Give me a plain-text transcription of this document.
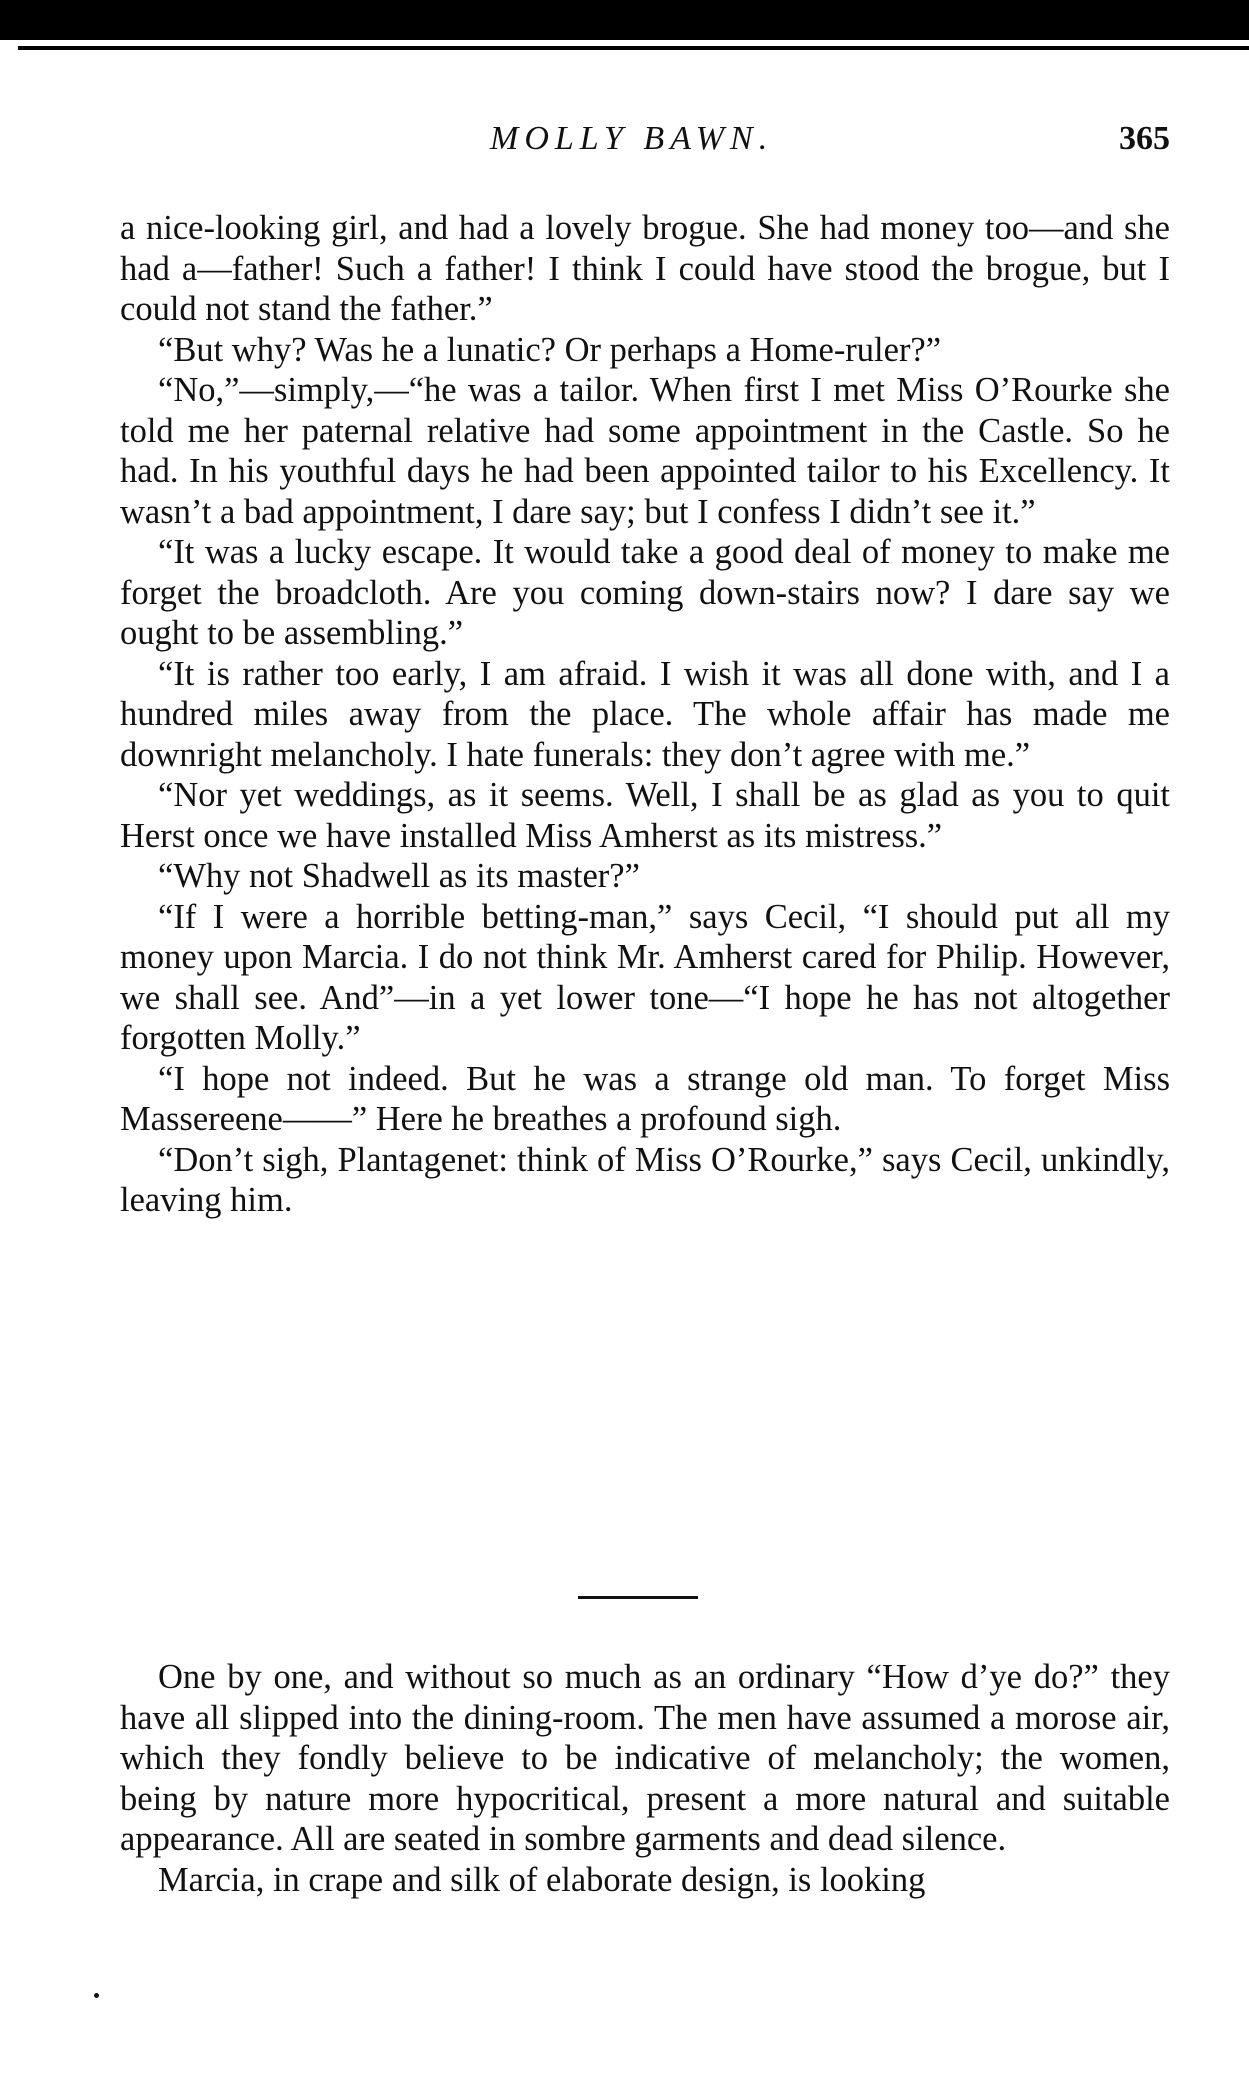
MOLLY BAWN.	365

a nice-looking girl, and had a lovely brogue. She had money too—and she had a—father! Such a father! I think I could have stood the brogue, but I could not stand the father.”

“But why? Was he a lunatic? Or perhaps a Home-ruler?”

“No,”—simply,—“he was a tailor. When first I met Miss O’Rourke she told me her paternal relative had some appointment in the Castle. So he had. In his youthful days he had been appointed tailor to his Excellency. It wasn’t a bad appointment, I dare say; but I confess I didn’t see it.”

“It was a lucky escape. It would take a good deal of money to make me forget the broadcloth. Are you coming down-stairs now? I dare say we ought to be assembling.”

“It is rather too early, I am afraid. I wish it was all done with, and I a hundred miles away from the place. The whole affair has made me downright melancholy. I hate funerals: they don’t agree with me.”

“Nor yet weddings, as it seems. Well, I shall be as glad as you to quit Herst once we have installed Miss Amherst as its mistress.”

“Why not Shadwell as its master?”

“If I were a horrible betting-man,” says Cecil, “I should put all my money upon Marcia. I do not think Mr. Amherst cared for Philip. However, we shall see. And”—in a yet lower tone—“I hope he has not altogether forgotten Molly.”

“I hope not indeed. But he was a strange old man. To forget Miss Massereene——” Here he breathes a profound sigh.

“Don’t sigh, Plantagenet: think of Miss O’Rourke,” says Cecil, unkindly, leaving him.

One by one, and without so much as an ordinary “How d’ye do?” they have all slipped into the dining-room. The men have assumed a morose air, which they fondly believe to be indicative of melancholy; the women, being by nature more hypocritical, present a more natural and suitable appearance. All are seated in sombre garments and dead silence.

Marcia, in crape and silk of elaborate design, is looking
